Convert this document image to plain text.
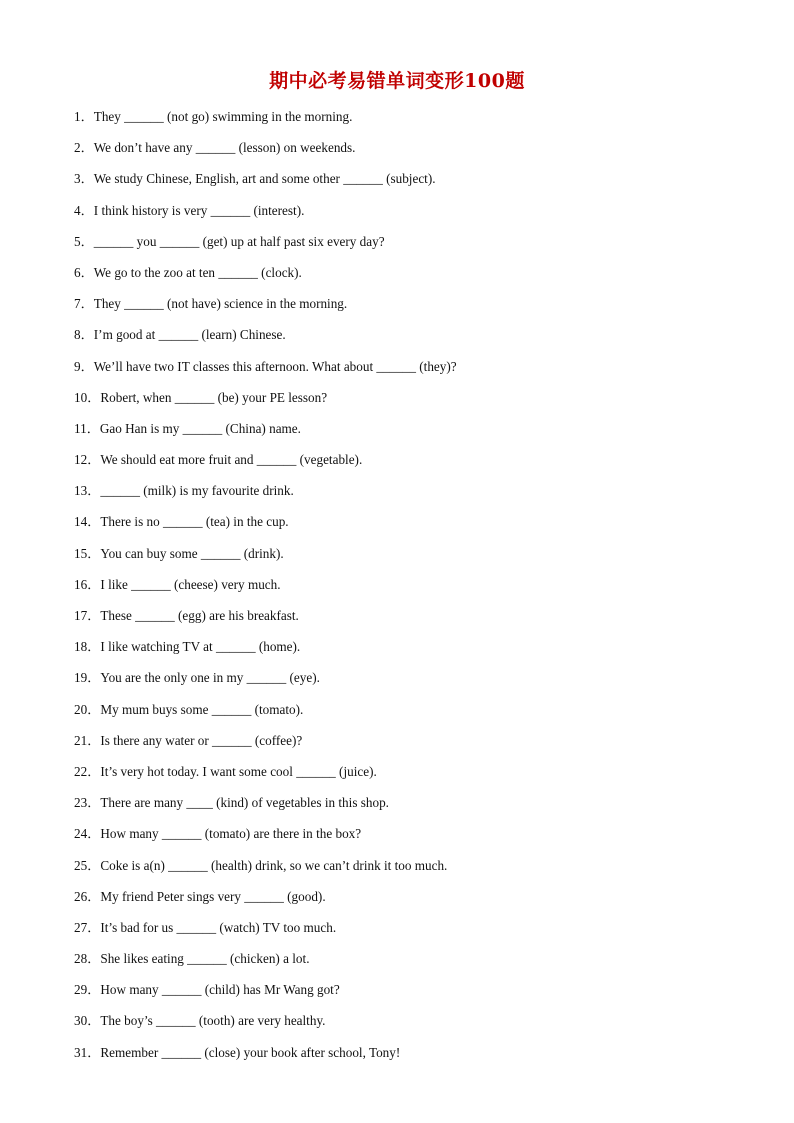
期中必考易错单词变形100题
1．They ______ (not go) swimming in the morning.
2．We don’t have any ______ (lesson) on weekends.
3．We study Chinese, English, art and some other ______ (subject).
4．I think history is very ______ (interest).
5．______ you ______ (get) up at half past six every day?
6．We go to the zoo at ten ______ (clock).
7．They ______ (not have) science in the morning.
8．I’m good at ______ (learn) Chinese.
9．We’ll have two IT classes this afternoon. What about ______ (they)?
10．Robert, when ______ (be) your PE lesson?
11．Gao Han is my ______ (China) name.
12．We should eat more fruit and ______ (vegetable).
13．______ (milk) is my favourite drink.
14．There is no ______ (tea) in the cup.
15．You can buy some ______ (drink).
16．I like ______ (cheese) very much.
17．These ______ (egg) are his breakfast.
18．I like watching TV at ______ (home).
19．You are the only one in my ______ (eye).
20．My mum buys some ______ (tomato).
21．Is there any water or ______ (coffee)?
22．It’s very hot today. I want some cool ______ (juice).
23．There are many ____ (kind) of vegetables in this shop.
24．How many ______ (tomato) are there in the box?
25．Coke is a(n) ______ (health) drink, so we can’t drink it too much.
26．My friend Peter sings very ______ (good).
27．It’s bad for us ______ (watch) TV too much.
28．She likes eating ______ (chicken) a lot.
29．How many ______ (child) has Mr Wang got?
30．The boy’s ______ (tooth) are very healthy.
31．Remember ______ (close) your book after school, Tony!
